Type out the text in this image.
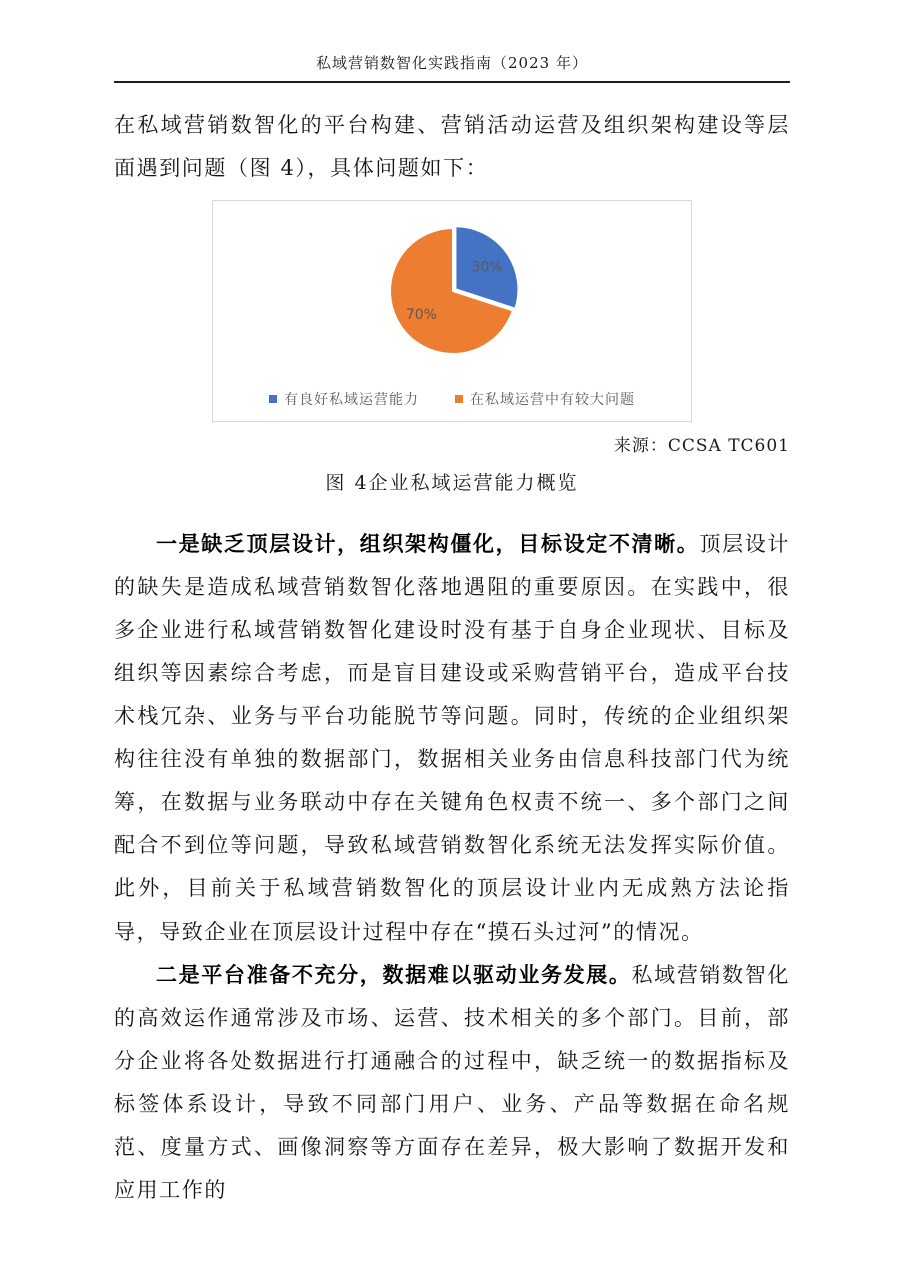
私域营销数智化实践指南（2023 年）

在私域营销数智化的平台构建、营销活动运营及组织架构建设等层面遇到问题（图 4），具体问题如下：

30%
70%
有良好私域运营能力	在私域运营中有较大问题
来源：CCSA TC601
图 4企业私域运营能力概览

一是缺乏顶层设计，组织架构僵化，目标设定不清晰。顶层设计的缺失是造成私域营销数智化落地遇阻的重要原因。在实践中，很多企业进行私域营销数智化建设时没有基于自身企业现状、目标及组织等因素综合考虑，而是盲目建设或采购营销平台，造成平台技术栈冗杂、业务与平台功能脱节等问题。同时，传统的企业组织架构往往没有单独的数据部门，数据相关业务由信息科技部门代为统筹，在数据与业务联动中存在关键角色权责不统一、多个部门之间配合不到位等问题，导致私域营销数智化系统无法发挥实际价值。此外，目前关于私域营销数智化的顶层设计业内无成熟方法论指导，导致企业在顶层设计过程中存在“摸石头过河”的情况。

二是平台准备不充分，数据难以驱动业务发展。私域营销数智化的高效运作通常涉及市场、运营、技术相关的多个部门。目前，部分企业将各处数据进行打通融合的过程中，缺乏统一的数据指标及标签体系设计，导致不同部门用户、业务、产品等数据在命名规范、度量方式、画像洞察等方面存在差异，极大影响了数据开发和应用工作的
